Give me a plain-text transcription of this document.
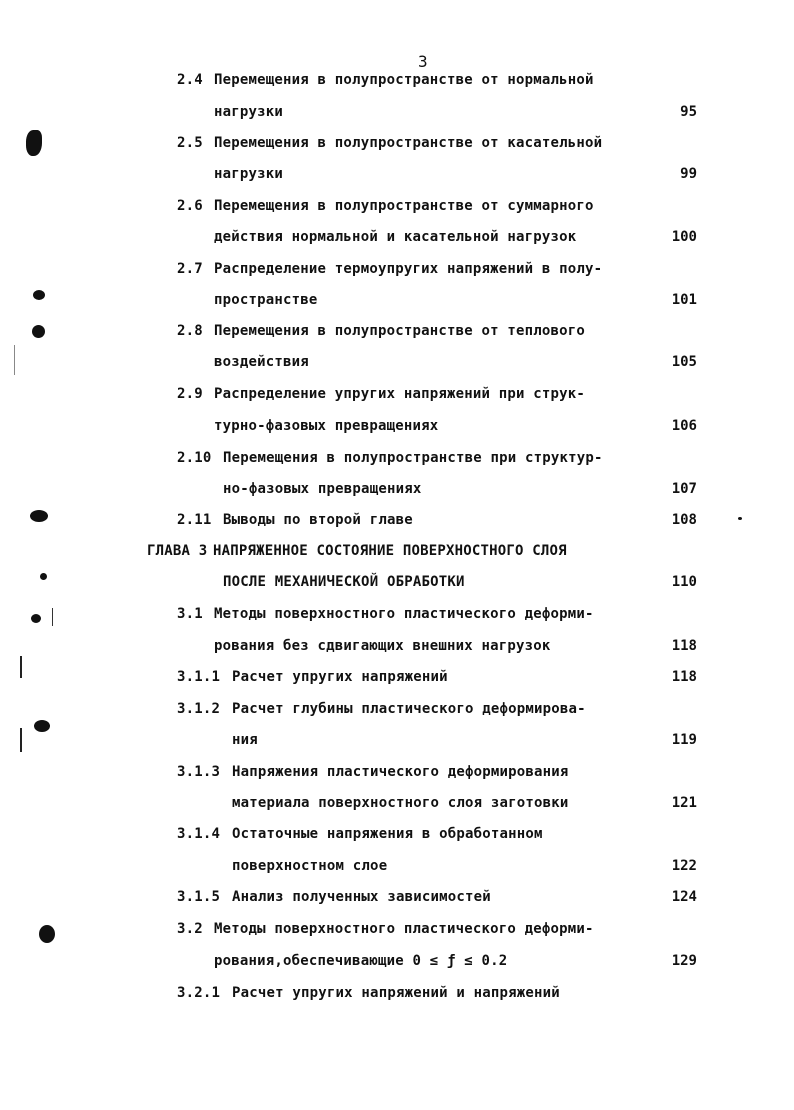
3
2.4 Перемещения в полупространстве от нормальной
нагрузки	95
2.5 Перемещения в полупространстве от касательной
нагрузки	99
2.6 Перемещения в полупространстве от суммарного
действия нормальной и касательной нагрузок	100
2.7 Распределение термоупругих напряжений в полу-
пространстве	101
2.8 Перемещения в полупространстве от теплового
воздействия	105
2.9 Распределение упругих напряжений при струк-
турно-фазовых превращениях	106
2.10 Перемещения в полупространстве при структур-
но-фазовых превращениях	107
2.11 Выводы по второй главе	108
ГЛАВА 3 НАПРЯЖЕННОЕ СОСТОЯНИЕ ПОВЕРХНОСТНОГО СЛОЯ
ПОСЛЕ МЕХАНИЧЕСКОЙ ОБРАБОТКИ	110
3.1 Методы поверхностного пластического деформи-
рования без сдвигающих внешних нагрузок	118
3.1.1 Расчет упругих напряжений	118
3.1.2 Расчет глубины пластического деформирова-
ния	119
3.1.3 Напряжения пластического деформирования
материала поверхностного слоя заготовки	121
3.1.4 Остаточные напряжения в обработанном
поверхностном слое	122
3.1.5 Анализ полученных зависимостей	124
3.2 Методы поверхностного пластического деформи-
рования,обеспечивающие 0 ≤ ƒ ≤ 0.2	129
3.2.1 Расчет упругих напряжений и напряжений
